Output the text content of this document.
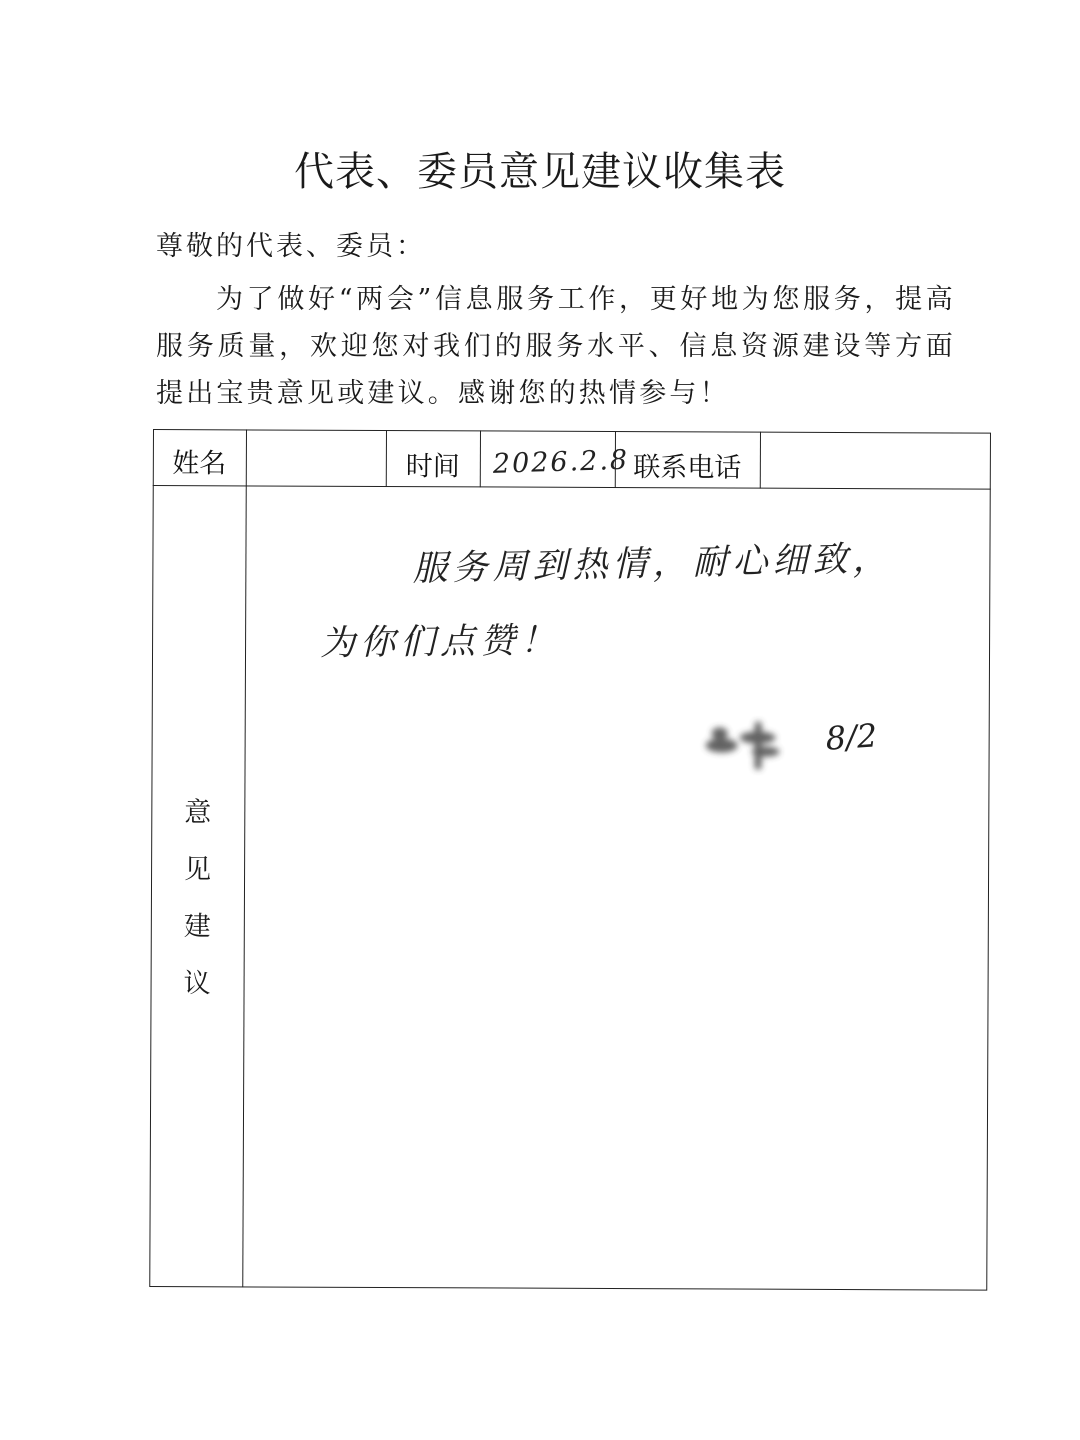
代表、委员意见建议收集表
尊敬的代表、委员：
为了做好“两会”信息服务工作，更好地为您服务，提高服务质量，欢迎您对我们的服务水平、信息资源建设等方面提出宝贵意见或建议。感谢您的热情参与！
姓名	时间	2026.2.8 联系电话
意
见
建
议
服务周到热情，耐心细致，
为你们点赞！
8/2
